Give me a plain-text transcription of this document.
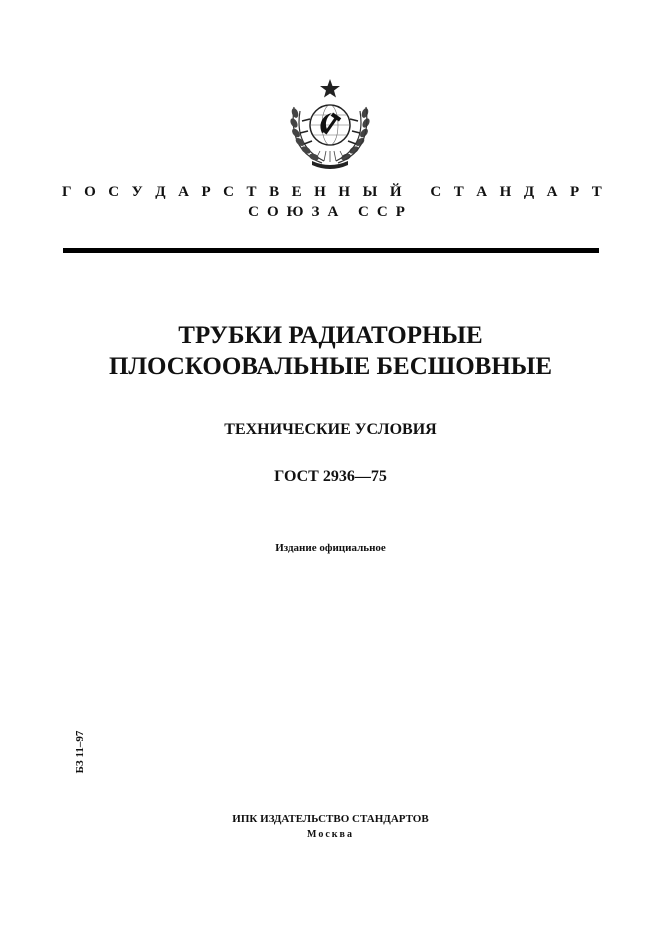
Г О С У Д А Р С Т В Е Н Н Ы Й
С Т А Н Д А Р Т
СОЮЗА ССР
ТРУБКИ РАДИАТОРНЫЕ
ПЛОСКООВАЛЬНЫЕ БЕСШОВНЫЕ
ТЕХНИЧЕСКИЕ УСЛОВИЯ
ГОСТ 2936—75
Издание официальное
БЗ 11–97
ИПК ИЗДАТЕЛЬСТВО СТАНДАРТОВ
Москва
